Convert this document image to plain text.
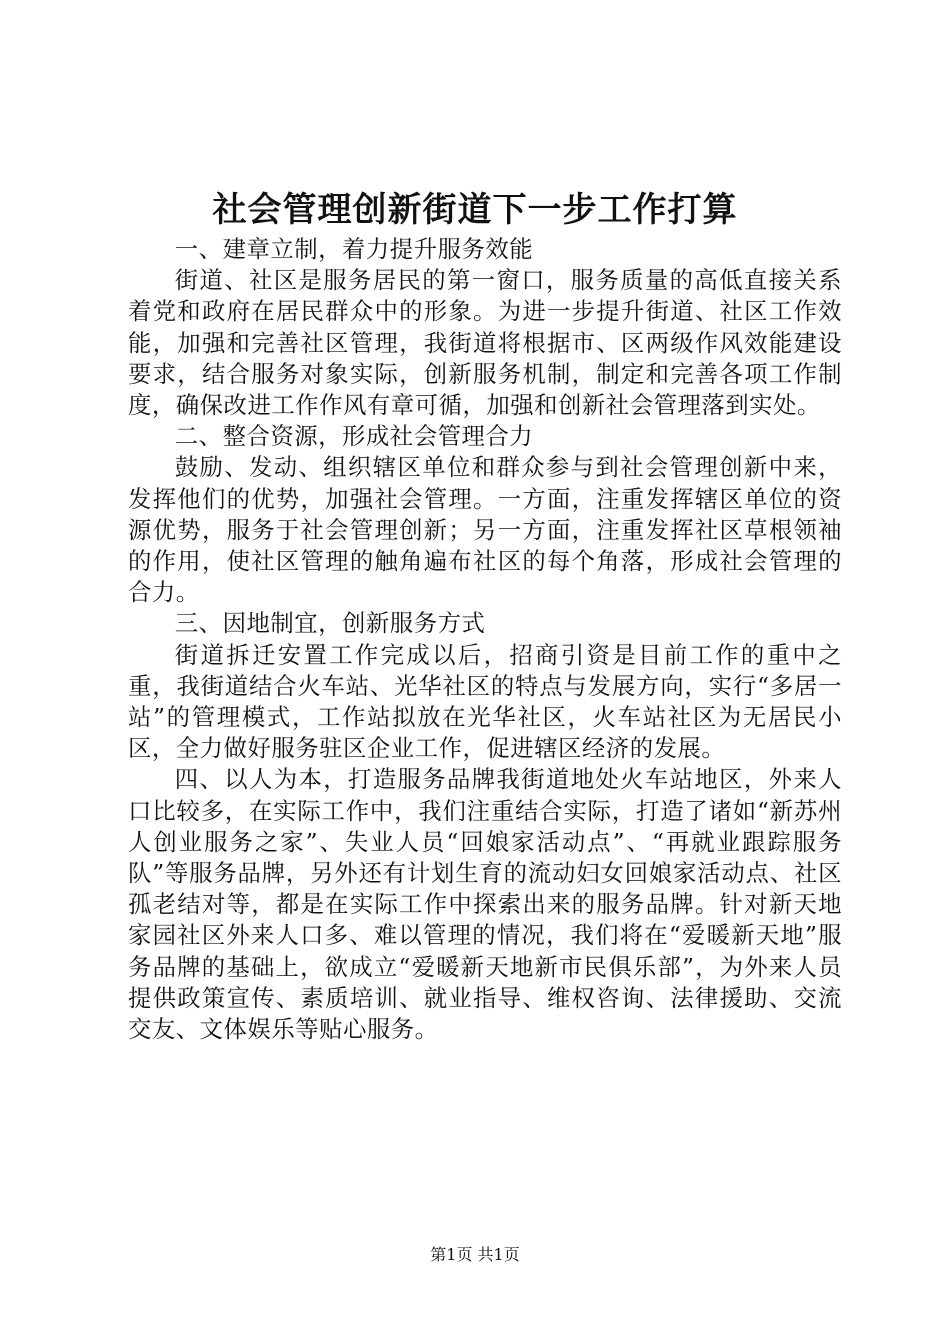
社会管理创新街道下一步工作打算

一、建章立制，着力提升服务效能

街道、社区是服务居民的第一窗口，服务质量的高低直接关系着党和政府在居民群众中的形象。为进一步提升街道、社区工作效能，加强和完善社区管理，我街道将根据市、区两级作风效能建设要求，结合服务对象实际，创新服务机制，制定和完善各项工作制度，确保改进工作作风有章可循，加强和创新社会管理落到实处。

二、整合资源，形成社会管理合力

鼓励、发动、组织辖区单位和群众参与到社会管理创新中来，发挥他们的优势，加强社会管理。一方面，注重发挥辖区单位的资源优势，服务于社会管理创新；另一方面，注重发挥社区草根领袖的作用，使社区管理的触角遍布社区的每个角落，形成社会管理的合力。

三、因地制宜，创新服务方式

街道拆迁安置工作完成以后，招商引资是目前工作的重中之重，我街道结合火车站、光华社区的特点与发展方向，实行“多居一站”的管理模式，工作站拟放在光华社区，火车站社区为无居民小区，全力做好服务驻区企业工作，促进辖区经济的发展。

四、以人为本，打造服务品牌我街道地处火车站地区，外来人口比较多，在实际工作中，我们注重结合实际，打造了诸如“新苏州人创业服务之家”、失业人员“回娘家活动点”、“再就业跟踪服务队”等服务品牌，另外还有计划生育的流动妇女回娘家活动点、社区孤老结对等，都是在实际工作中探索出来的服务品牌。针对新天地家园社区外来人口多、难以管理的情况，我们将在“爱暖新天地”服务品牌的基础上，欲成立“爱暖新天地新市民俱乐部”，为外来人员提供政策宣传、素质培训、就业指导、维权咨询、法律援助、交流交友、文体娱乐等贴心服务。

第1页 共1页
